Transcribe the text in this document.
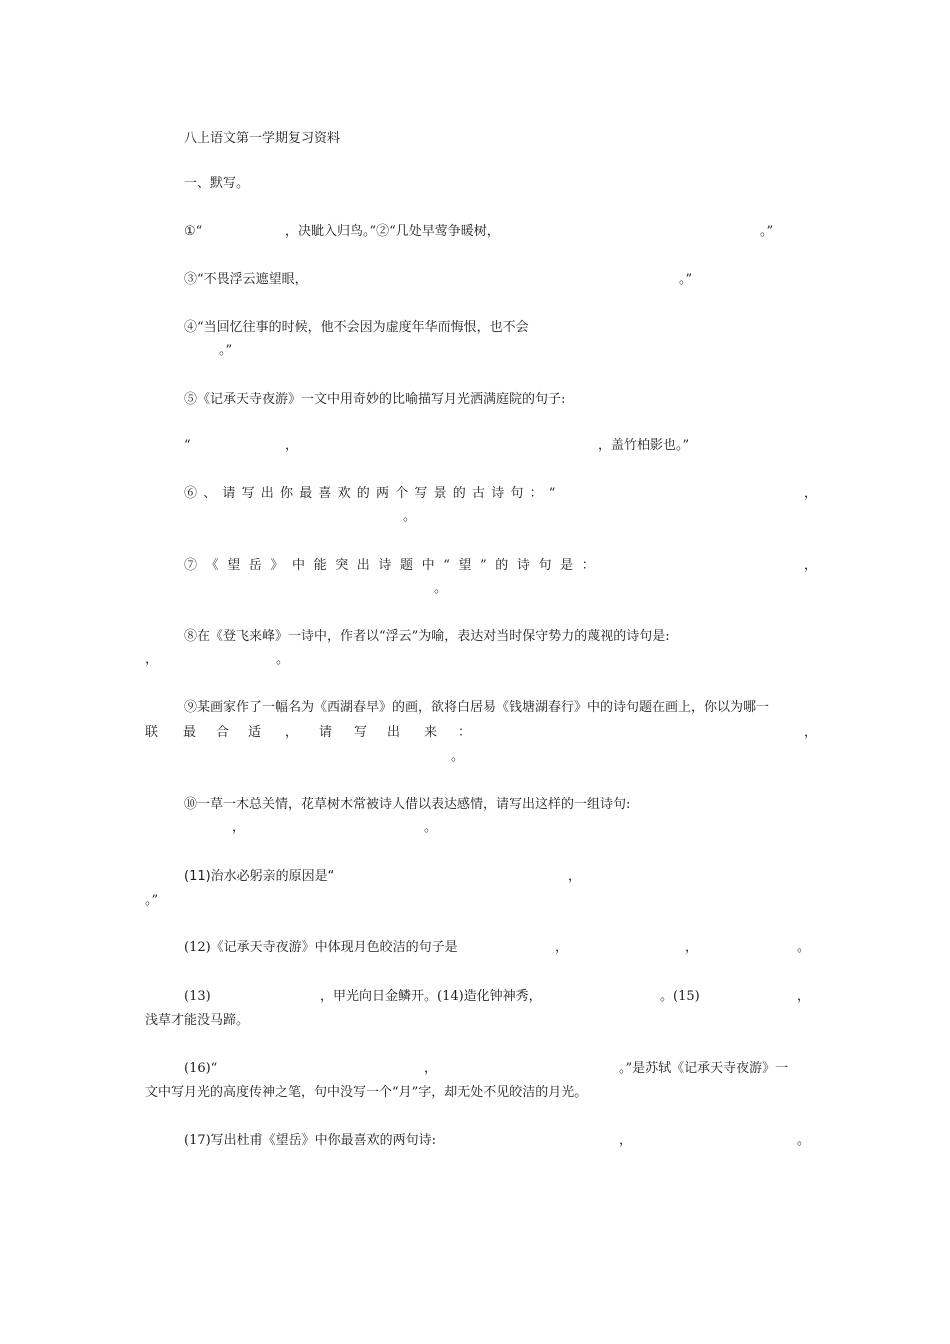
八上语文第一学期复习资料
一、默写。
①“	，决眦入归鸟。”②“几处早莺争暖树，	。”
③“不畏浮云遮望眼，	。”
④“当回忆往事的时候，他不会因为虚度年华而悔恨，也不会
。”
⑤《记承天寺夜游》一文中用奇妙的比喻描写月光洒满庭院的句子:
“	，	，盖竹柏影也。”
⑥、请写出你最喜欢的两个写景的古诗句：“	，
。
⑦《望岳》中能突出诗题中“望”的诗句是：	，
。
⑧在《登飞来峰》一诗中，作者以“浮云”为喻，表达对当时保守势力的蔑视的诗句是:
，	。
⑨某画家作了一幅名为《西湖春早》的画，欲将白居易《钱塘湖春行》中的诗句题在画上，你以为哪一
联 最 合 适 ， 请 写 出 来 ：	，
。
⑩一草一木总关情，花草树木常被诗人借以表达感情，请写出这样的一组诗句:
，	。
(11)治水必躬亲的原因是“	，
。”
(12)《记承天寺夜游》中体现月色皎洁的句子是	，	，	。
(13)	，甲光向日金鳞开。(14)造化钟神秀，	。(15)	，
浅草才能没马蹄。
(16)“	，	。”是苏轼《记承天寺夜游》一
文中写月光的高度传神之笔，句中没写一个“月”字，却无处不见皎洁的月光。
(17)写出杜甫《望岳》中你最喜欢的两句诗:	，	。
